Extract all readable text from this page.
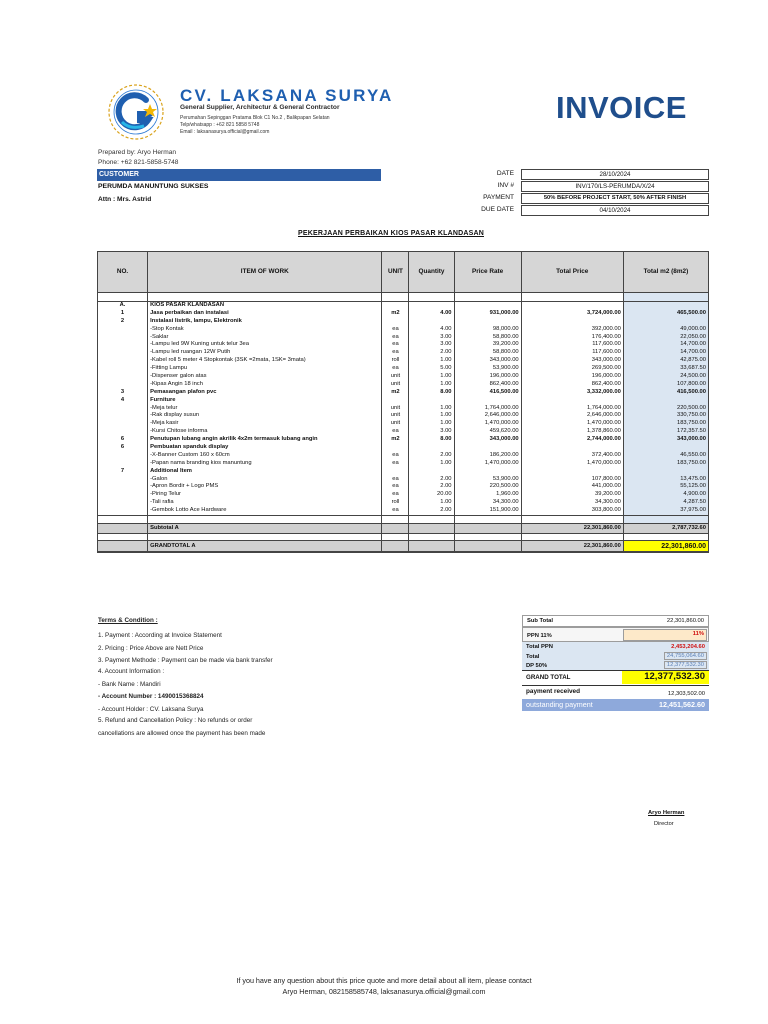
CV. LAKSANA SURYA
General Supplier, Architectur & General Contractor
Perumahan Sepinggan Pratama Blok C1 No.2 , Balikpapan Selatan
Telp/whatsapp : +62 821 5858 5748
Email : laksanasurya.official@gmail.com
INVOICE
Prepared by: Aryo Herman
Phone: +62 821-5858-5748
CUSTOMER
PERUMDA MANUNTUNG SUKSES
Attn : Mrs. Astrid
DATE	28/10/2024
INV #	INV/170/LS-PERUMDA/X/24
PAYMENT	50% BEFORE PROJECT START, 50% AFTER FINISH
DUE DATE	04/10/2024
PEKERJAAN PERBAIKAN KIOS PASAR KLANDASAN
NO.	ITEM OF WORK	UNIT	Quantity	Price Rate	Total Price	Total m2 (8m2)

A.	KIOS PASAR KLANDASAN					
1	Jasa perbaikan dan instalasi	m2	4.00	931,000.00	3,724,000.00	465,500.00
2	Instalasi listrik, lampu, Elektronik					
	-Stop Kontak	ea	4.00	98,000.00	392,000.00	49,000.00
	-Saklar	ea	3.00	58,800.00	176,400.00	22,050.00
	-Lampu led 9W Kuning untuk telur 3ea	ea	3.00	39,200.00	117,600.00	14,700.00
	-Lampu led ruangan 12W Putih	ea	2.00	58,800.00	117,600.00	14,700.00
	-Kabel roll 5 meter 4 Stopkontak (3SK =2mata, 1SK= 3mata)	roll	1.00	343,000.00	343,000.00	42,875.00
	-Fitting Lampu	ea	5.00	53,900.00	269,500.00	33,687.50
	-Dispenser galon atas	unit	1.00	196,000.00	196,000.00	24,500.00
	-Kipas Angin 18 inch	unit	1.00	862,400.00	862,400.00	107,800.00
3	Pemasangan plafon pvc	m2	8.00	416,500.00	3,332,000.00	416,500.00
4	Furniture					
	-Meja telur	unit	1.00	1,764,000.00	1,764,000.00	220,500.00
	-Rak display susun	unit	1.00	2,646,000.00	2,646,000.00	330,750.00
	-Meja kasir	unit	1.00	1,470,000.00	1,470,000.00	183,750.00
	-Kursi Chitose informa	ea	3.00	459,620.00	1,378,860.00	172,357.50
6	Penutupan lubang angin akrilik 4x2m termasuk lubang angin	m2	8.00	343,000.00	2,744,000.00	343,000.00
6	Pembuatan spanduk display					
	-X-Banner Custom 160 x 60cm	ea	2.00	186,200.00	372,400.00	46,550.00
	-Papan nama branding kios manuntung	ea	1.00	1,470,000.00	1,470,000.00	183,750.00
7	Additional Item					
	-Galon	ea	2.00	53,900.00	107,800.00	13,475.00
	-Apron Bordir + Logo PMS	ea	2.00	220,500.00	441,000.00	55,125.00
	-Piring Telur	ea	20.00	1,960.00	39,200.00	4,900.00
	-Tali rafia	roll	1.00	34,300.00	34,300.00	4,287.50
	-Gembok Lotto Ace Hardware	ea	2.00	151,900.00	303,800.00	37,975.00

	Subtotal A				22,301,860.00	2,787,732.60

	GRANDTOTAL A				22,301,860.00	22,301,860.00
Terms & Condition :
1. Payment : According at Invoice Statement
2. Pricing : Price Above are Nett Price
3. Payment Methode : Payment can be made via bank transfer
4. Account Information :
- Bank Name : Mandiri
- Account Number : 1490015368824
- Account Holder : CV. Laksana Surya
5. Refund and Cancellation Policy : No refunds or order
cancellations are allowed once the payment has been made
Sub Total	22,301,860.00
PPN 11%	11%
Total PPN	2,453,204.60
Total	24,755,064.60
DP 50%	12,377,532.30
GRAND TOTAL	12,377,532.30
payment received	12,303,502.00
outstanding payment	12,451,562.60
Aryo Herman
Director
If you have any question about this price quote and more detail about all item, please contact
Aryo Herman, 082158585748, laksanasurya.official@gmail.com
